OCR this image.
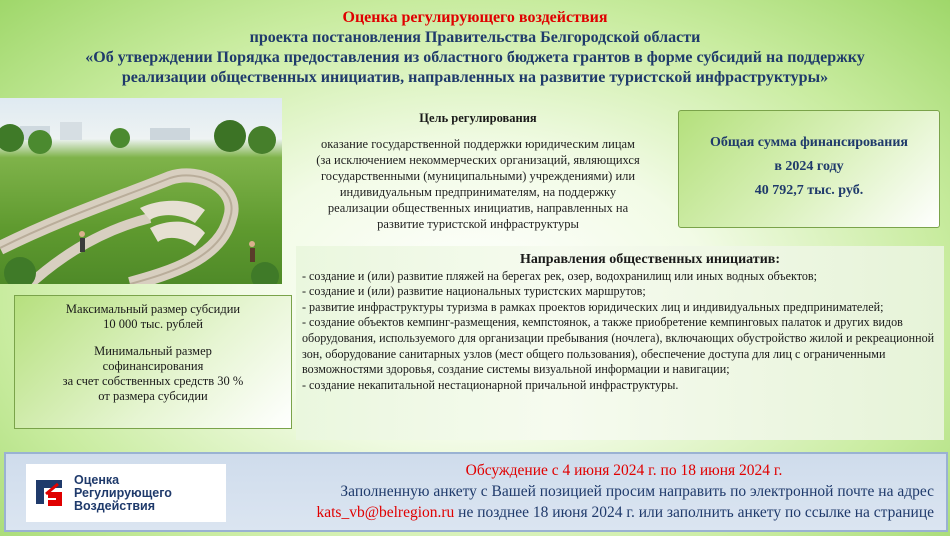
Оценка регулирующего воздействия
проекта постановления Правительства Белгородской области
«Об утверждении Порядка предоставления из областного бюджета грантов в форме субсидий на поддержку
реализации общественных инициатив, направленных на развитие туристской инфраструктуры»
Цель регулирования
оказание государственной поддержки юридическим лицам
(за исключением некоммерческих организаций, являющихся
государственными (муниципальными) учреждениями) или
индивидуальным предпринимателям, на поддержку
реализации общественных инициатив, направленных на
развитие туристской инфраструктуры
Общая сумма финансирования
в 2024 году
40 792,7 тыс. руб.
Направления общественных инициатив:

- создание и (или) развитие пляжей на берегах рек, озер, водохранилищ или иных водных объектов;

- создание и (или) развитие национальных туристских маршрутов;

- развитие инфраструктуры туризма в рамках проектов юридических лиц и индивидуальных предпринимателей;

- создание объектов кемпинг-размещения, кемпстоянок, а также приобретение кемпинговых палаток и других видов оборудования, используемого для организации пребывания (ночлега), включающих обустройство жилой и рекреационной зон, оборудование санитарных узлов (мест общего пользования), обеспечение доступа для лиц с ограниченными возможностями здоровья, создание системы визуальной информации и навигации;

- создание некапитальной нестационарной причальной инфраструктуры.

Максимальный размер субсидии
10 000 тыс. рублей
Минимальный размер
софинансирования
за счет собственных средств 30 %
от размера субсидии
Оценка
Регулирующего
Воздействия
Обсуждение с 4 июня 2024 г. по 18 июня 2024 г.
Заполненную анкету с Вашей позицией просим направить по электронной почте на адрес
kats_vb@belregion.ru не позднее 18 июня 2024 г. или заполнить анкету по ссылке на странице
